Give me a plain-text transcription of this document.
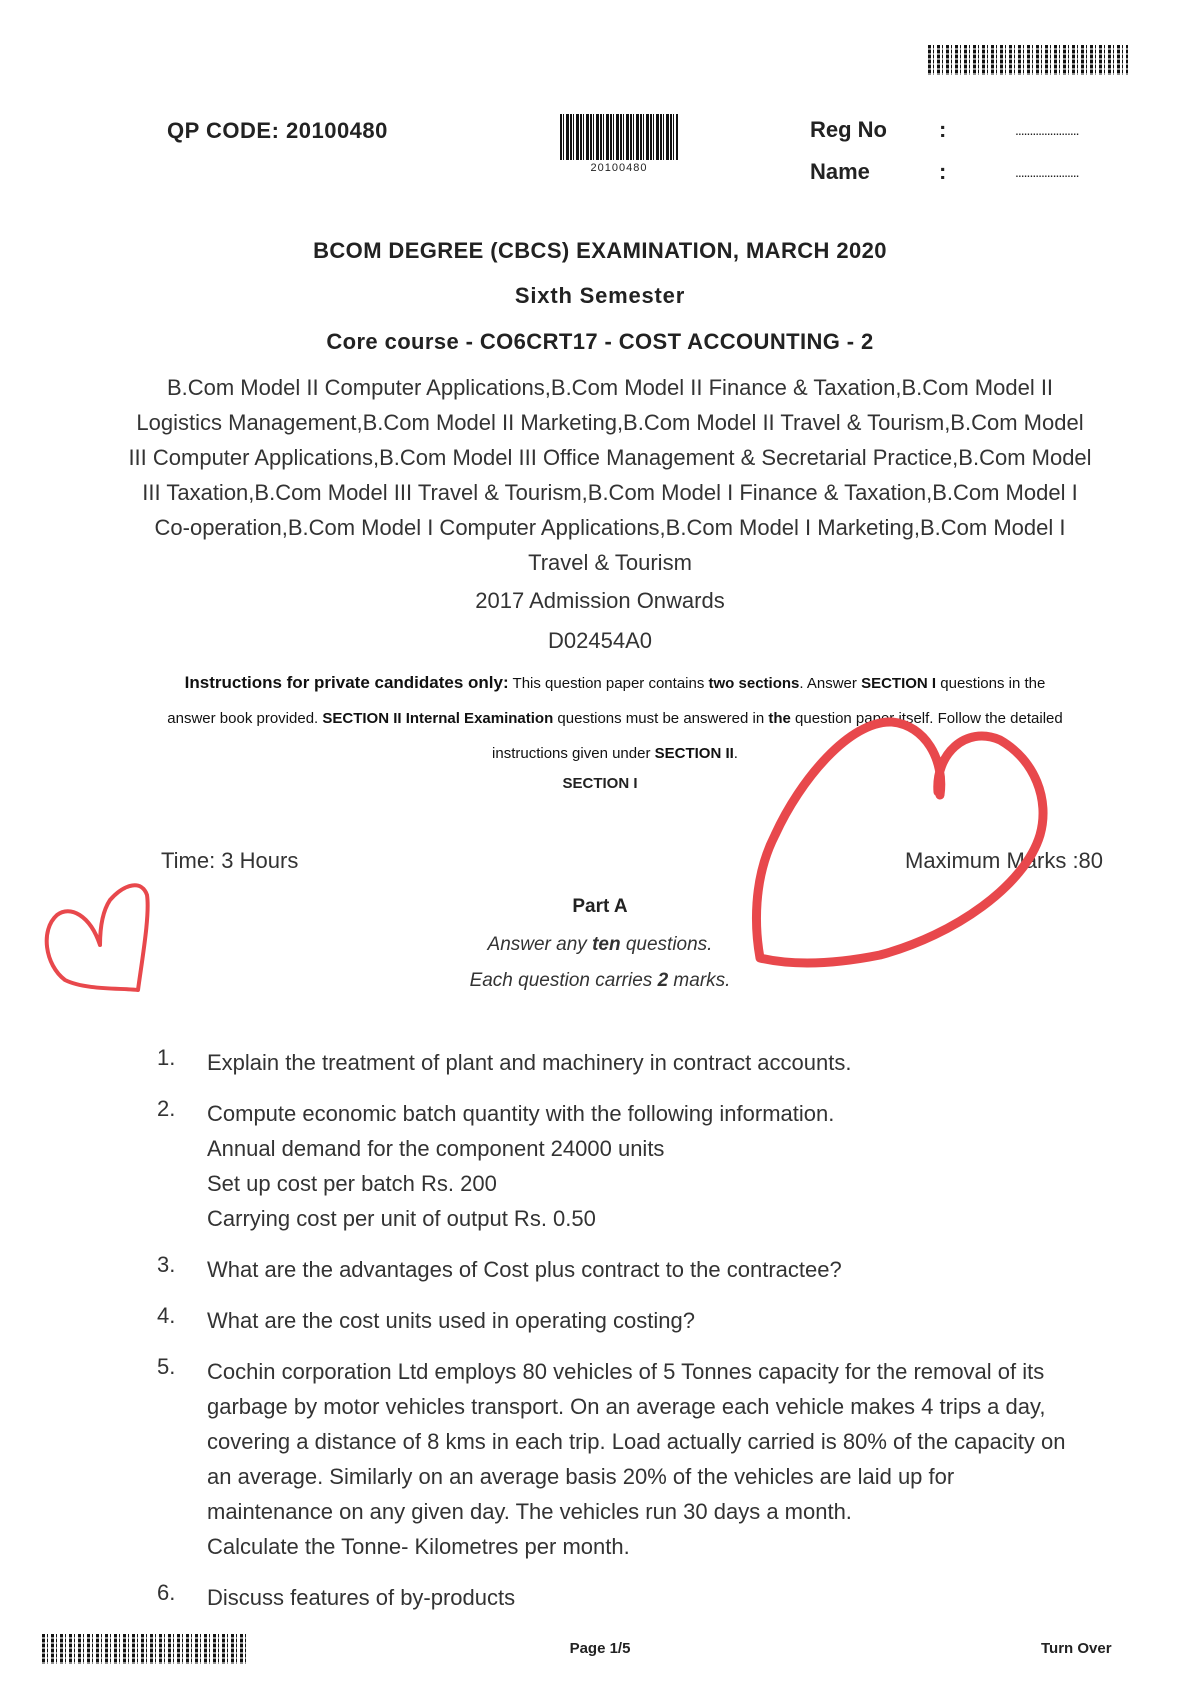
20100480
QP CODE: 20100480	Reg No :	......................
Name	:	......................
BCOM DEGREE (CBCS) EXAMINATION, MARCH 2020
Sixth Semester
Core course - CO6CRT17 - COST ACCOUNTING - 2
B.Com Model II Computer Applications,B.Com Model II Finance & Taxation,B.Com Model II
Logistics Management,B.Com Model II Marketing,B.Com Model II Travel & Tourism,B.Com Model
III Computer Applications,B.Com Model III Office Management & Secretarial Practice,B.Com Model
III Taxation,B.Com Model III Travel & Tourism,B.Com Model I Finance & Taxation,B.Com Model I
Co-operation,B.Com Model I Computer Applications,B.Com Model I Marketing,B.Com Model I
Travel & Tourism
2017 Admission Onwards
D02454A0
Instructions for private candidates only: This question paper contains two sections. Answer SECTION I questions in the
answer book provided. SECTION II Internal Examination questions must be answered in the question paper itself. Follow the detailed
instructions given under SECTION II.
SECTION I
Time: 3 Hours	Maximum Marks :80
Part A
Answer any ten questions.
Each question carries 2 marks.
1.	Explain the treatment of plant and machinery in contract accounts.
2.	Compute economic batch quantity with the following information.
Annual demand for the component 24000 units
Set up cost per batch Rs. 200
Carrying cost per unit of output Rs. 0.50
3.	What are the advantages of Cost plus contract to the contractee?
4.	What are the cost units used in operating costing?
5.	Cochin corporation Ltd employs 80 vehicles of 5 Tonnes capacity for the removal of its
garbage by motor vehicles transport. On an average each vehicle makes 4 trips a day,
covering a distance of 8 kms in each trip. Load actually carried is 80% of the capacity on
an average. Similarly on an average basis 20% of the vehicles are laid up for
maintenance on any given day. The vehicles run 30 days a month.
Calculate the Tonne- Kilometres per month.
6.	Discuss features of by-products
Page 1/5	Turn Over
